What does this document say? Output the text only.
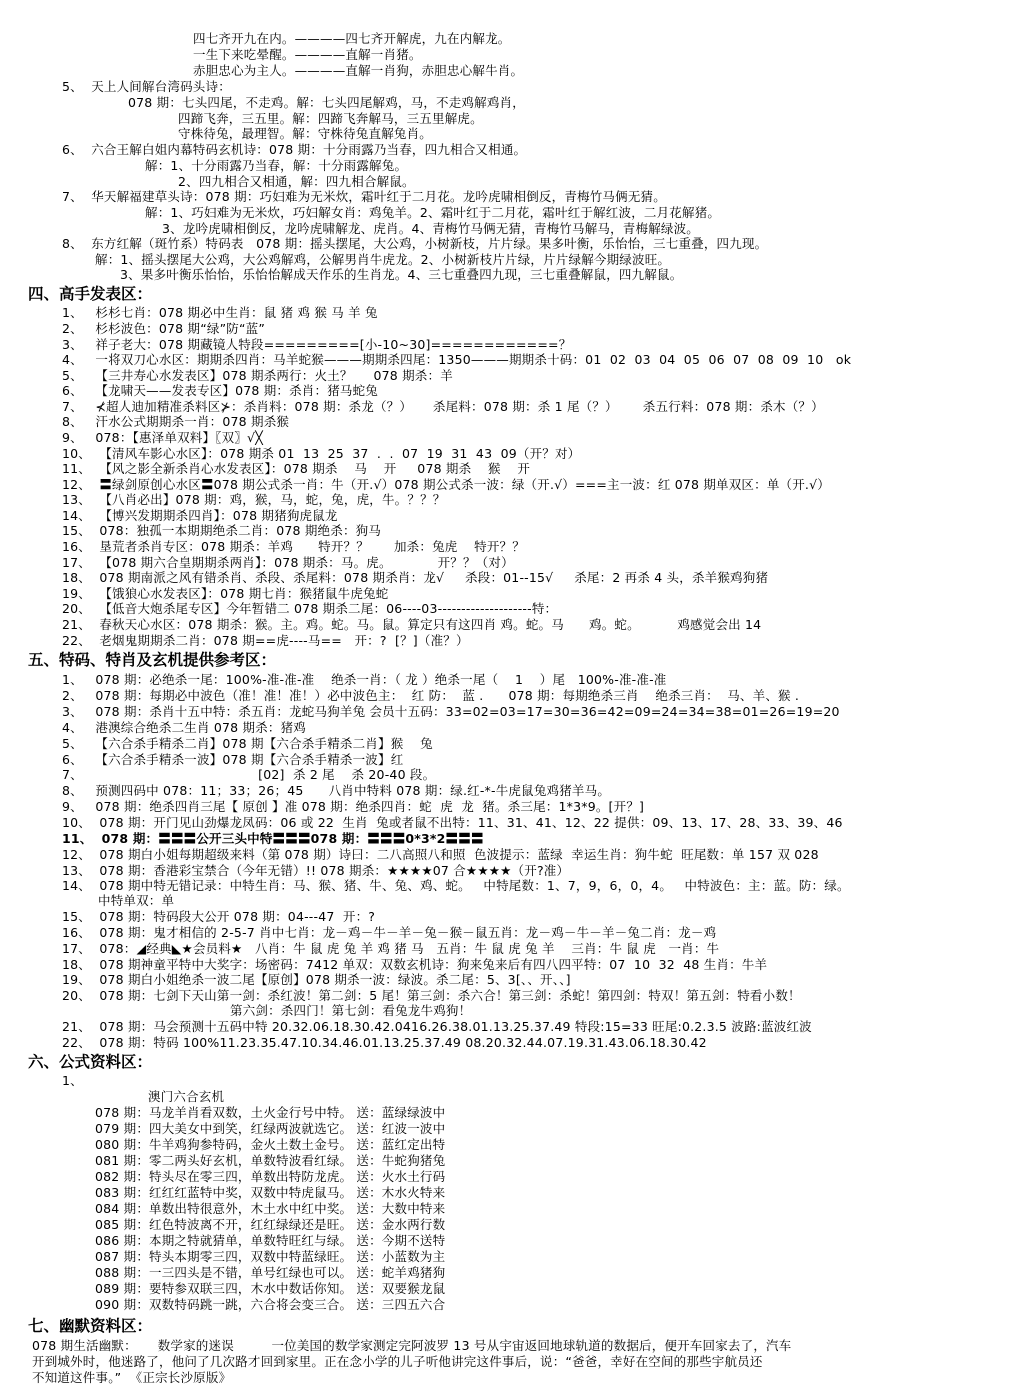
四七齐开九在内。————四七齐开解虎，九在内解龙。
一生下来吃晕醒。————直解一肖猪。
赤胆忠心为主人。————直解一肖狗，赤胆忠心解牛肖。
5、  天上人间解台湾码头诗：
078 期：七头四尾，不走鸡。解：七头四尾解鸡，马，不走鸡解鸡肖，
四蹄飞奔，三五里。解：四蹄飞奔解马，三五里解虎。
守株待兔，最理智。解：守株待兔直解兔肖。
6、  六合王解白姐内幕特码玄机诗：078 期：十分雨露乃当春，四九相合又相通。
解：1、十分雨露乃当春，解：十分雨露解兔。
2、四九相合又相通，解：四九相合解鼠。
7、  华天解福建草头诗：078 期：巧妇难为无米炊，霜叶红于二月花。龙吟虎啸相倒反，青梅竹马俩无猜。
解：1、巧妇难为无米炊，巧妇解女肖：鸡兔羊。2、霜叶红于二月花，霜叶红于解红波，二月花解猪。
3、龙吟虎啸相倒反，龙吟虎啸解龙、虎肖。4、青梅竹马俩无猜，青梅竹马解马，青梅解绿波。
8、  东方红解（斑竹系）特码表   078 期：摇头摆尾，大公鸡，小树新枝，片片绿。果多叶衡，乐怡怡，三七重叠，四九现。
解：1、摇头摆尾大公鸡，大公鸡解鸡，公解男肖牛虎龙。2、小树新枝片片绿，片片绿解今期绿波旺。
3、果多叶衡乐怡怡，乐怡怡解成天作乐的生肖龙。4、三七重叠四九现，三七重叠解鼠，四九解鼠。
四、高手发表区：
1、   杉杉七肖：078 期必中生肖：鼠 猪 鸡 猴 马 羊 兔
2、   杉杉波色：078 期“绿”防“蓝”
3、   祥子老大：078 期藏镜人特段=========[小-10~30]============？
4、   一将双刀心水区：期期杀四肖：马羊蛇猴———期期杀四尾：1350———期期杀十码：01  02  03  04  05  06  07  08  09  10   ok
5、   【三井寿心水发表区】078 期杀两行：火土？     078 期杀：羊
6、   【龙啸天——发表专区】078 期：杀肖：猪马蛇兔
7、   ⊀超人迪加精准杀料区⊁：杀肖料：078 期：杀龙（？）     杀尾料：078 期：杀 1 尾（？）      杀五行料：078 期：杀木（？）
8、   汗水公式期期杀一肖：078 期杀猴
9、   078：【惠泽单双料】〖双〗√╳
10、  【清风车影心水区】：078 期杀 01  13  25  37  .  .  07  19  31  43  09（开？对）
11、  【风之影全新杀肖心水发表区】：078 期杀    马    开     078 期杀    猴    开
12、  〓绿剑原创心水区〓078 期公式杀一肖：牛（开.√）078 期公式杀一波：绿（开.√）===主一波：红 078 期单双区：单（开.√）
13、  【八肖必出】078 期：鸡，猴，马，蛇，兔，虎，牛。？？？
14、  【博兴发期期杀四肖】：078 期猪狗虎鼠龙
15、  078：独孤一本期期绝杀二肖：078 期绝杀：狗马
16、  垦荒者杀肖专区：078 期杀：羊鸡      特开？？      加杀：兔虎    特开？？
17、  【078 期六合皇期期杀两肖】：078 期杀：马。虎。           开？？（对）
18、  078 期南派之风有错杀肖、杀段、杀尾料：078 期杀肖：龙√     杀段：01--15√     杀尾：2 再杀 4 头，杀羊猴鸡狗猪
19、  【饿狼心水发表区】：078 期七肖：猴猪鼠牛虎兔蛇
20、  【低音大炮杀尾专区】今年暂错二 078 期杀二尾：06----03--------------------特：
21、  春秋天心水区：078 期杀：猴。主。鸡。蛇。马。鼠。算定只有这四肖 鸡。蛇。马      鸡。蛇。         鸡感觉会出 14
22、  老烟鬼期期杀二肖：078 期==虎----马==   开：?  [？]（准？）
五、特码、特肖及玄机提供参考区：
1、   078 期：必绝杀一尾：100%-准-准-准    绝杀一肖：（ 龙 ）绝杀一尾（    1    ）尾   100%-准-准-准
2、   078 期：每期必中波色（准！准！准！）必中波色主：  红 防：  蓝 .      078 期：每期绝杀三肖    绝杀三肖：  马、羊、猴 .
3、   078 期：杀肖十五中特：杀五肖：龙蛇马狗羊兔 会员十五码：33=02=03=17=30=36=42=09=24=34=38=01=26=19=20
4、   港澳综合绝杀二生肖 078 期杀：猪鸡
5、   【六合杀手精杀二肖】078 期【六合杀手精杀二肖】猴    兔
6、   【六合杀手精杀一波】078 期【六合杀手精杀一波】红
7、                                          [02]  杀 2 尾    杀 20-40 段。
8、   预测四码中 078：11；33；26；45      八肖中特料 078 期：绿.红-*-牛虎鼠兔鸡猪羊马。
9、   078 期：绝杀四肖三尾【 原创 】准 078 期：绝杀四肖：蛇  虎  龙  猪。杀三尾：1*3*9。[开？]
10、  078 期：开门见山劲爆龙凤码：06 或 22  生肖  兔或者鼠不出特：11、31、41、12、22 提供：09、13、17、28、33、39、46
11、  078 期：〓〓〓公开三头中特〓〓〓078 期：〓〓〓0*3*2〓〓〓
12、  078 期白小姐每期超级来料（第 078 期）诗曰：二八高照八和照  色波提示：蓝绿  幸运生肖：狗牛蛇  旺尾数：单 157 双 028
13、  078 期：香港彩宝禁合（今年无错）!! 078 期杀：★★★★07 合★★★★（开?准）
14、  078 期中特无错记录：中特生肖：马、猴、猪、牛、兔、鸡、蛇。   中特尾数：1、7，9，6，0，4。   中特波色：主：蓝。防：绿。
中特单双：单
15、  078 期：特码段大公开 078 期：04---47  开：?
16、  078 期：鬼才相信的 2-5-7 肖中七肖：龙－鸡－牛－羊－兔－猴－鼠五肖：龙－鸡－牛－羊－兔二肖：龙－鸡
17、  078：◢经典◣★会员料★   八肖：牛 鼠 虎 兔 羊 鸡 猪 马   五肖：牛 鼠 虎 兔 羊    三肖：牛 鼠 虎   一肖：牛
18、  078 期神童平特中大奖字：场密码：7412 单双：双数玄机诗：狗来兔来后有四八四平特：07  10  32  48 生肖：牛羊
19、  078 期白小姐绝杀一波二尾【原创】078 期杀一波：绿波。杀二尾：5、3[、、开、、]
20、  078 期：七剑下天山第一剑：杀红波！第二剑：5 尾！第三剑：杀六合！第三剑：杀蛇！第四剑：特双！第五剑：特看小数！
第六剑：杀四门！第七剑：看兔龙牛鸡狗！
21、  078 期：马会预测十五码中特 20.32.06.18.30.42.0416.26.38.01.13.25.37.49 特段:15=33 旺尾:0.2.3.5 波路:蓝波红波
22、  078 期：特码 100%11.23.35.47.10.34.46.01.13.25.37.49 08.20.32.44.07.19.31.43.06.18.30.42
六、公式资料区：
1、
澳门六合玄机
078 期：马龙羊肖看双数，土火金行号中特。 送：蓝绿绿波中
079 期：四大美女中到笑，红绿两波就选它。 送：红波一波中
080 期：牛羊鸡狗参特码，金火土数土金号。 送：蓝红定出特
081 期：零二两头好玄机，单数特波看红绿。 送：牛蛇狗猪兔
082 期：特头尽在零三四，单数出特防龙虎。 送：火水土行码
083 期：红红红蓝特中奖，双数中特虎鼠马。 送：木水火特来
084 期：单数出特很意外，木土水中红中奖。 送：大数中特来
085 期：红色特波离不开，红红绿绿还是旺。 送：金水两行数
086 期：本期之特就猜单，单数特旺红与绿。 送：今期不送特
087 期：特头本期零三四，双数中特蓝绿旺。 送：小蓝数为主
088 期：一三四头是不错，单号红绿也可以。 送：蛇羊鸡猪狗
089 期：要特参双联三四，木水中数话你知。 送：双要猴龙鼠
090 期：双数特码跳一跳，六合将会变三合。 送：三四五六合
七、幽默资料区：
078 期生活幽默：     数学家的迷误         一位美国的数学家测定完阿波罗 13 号从宇宙返回地球轨道的数据后，便开车回家去了，汽车
开到城外时，他迷路了，他问了几次路才回到家里。正在念小学的儿子听他讲完这件事后，说：“爸爸，幸好在空间的那些宇航员还
不知道这件事。”  《正宗长沙原版》
